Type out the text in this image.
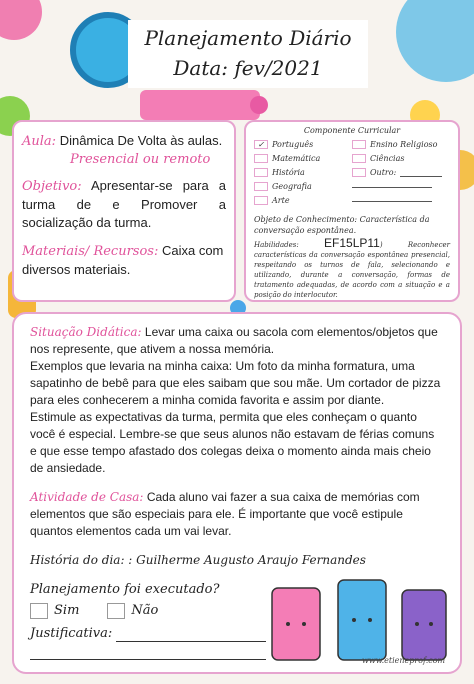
Planejamento Diário
Data: fev/2021
Aula: Dinâmica De Volta às aulas.
Presencial ou remoto
Objetivo: Apresentar-se para a turma de e Promover a socialização da turma.
Materiais/ Recursos: Caixa com diversos materiais.
Componente Curricular
✓ Português	Ensino Religioso
Matemática	Ciências
História	Outro:
Geografia
Arte
Objeto de Conhecimento: Característica da conversação espontânea.
Habilidades: EF15LP11) Reconhecer características da conversação espontânea presencial, respeitando os turnos de fala, selecionando e utilizando, durante a conversação, formas de tratamento adequadas, de acordo com a situação e a posição do interlocutor.

Situação Didática: Levar uma caixa ou sacola com elementos/objetos que nos represente, que ativem a nossa memória.

Exemplos que levaria na minha caixa: Um foto da minha formatura, uma sapatinho de bebê para que eles saibam que sou mãe. Um cortador de pizza para eles conhecerem a minha comida favorita e assim por diante.

Estimule as expectativas da turma, permita que eles conheçam o quanto você é especial. Lembre-se que seus alunos não estavam de férias comuns e que esse tempo afastado dos colegas deixa o momento ainda mais cheio de ansiedade.

Atividade de Casa: Cada aluno vai fazer a sua caixa de memórias com elementos que são especiais para ele. É importante que você estipule quantos elementos cada um vai levar.

História do dia: : Guilherme Augusto Araujo Fernandes
Planejamento foi executado?
Sim	Não
Justificativa:
www.etieneprof.com
